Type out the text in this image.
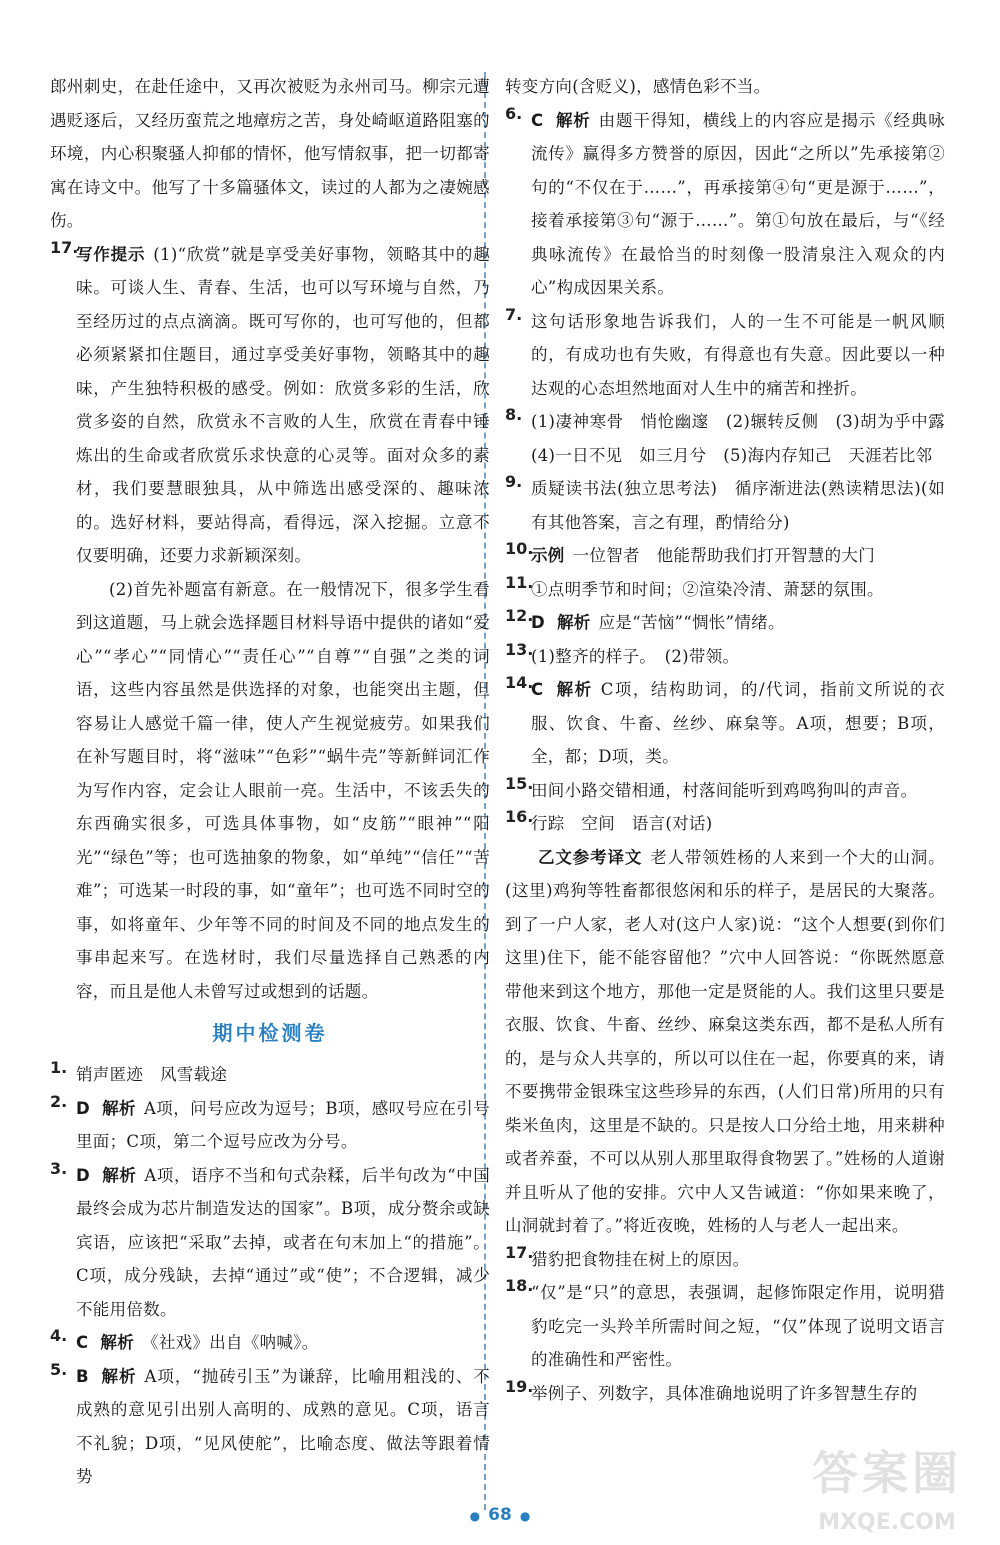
郎州刺史，在赴任途中，又再次被贬为永州司马。柳宗元遭遇贬逐后，又经历蛮荒之地瘴疠之苦，身处崎岖道路阻塞的环境，内心积聚骚人抑郁的情怀，他写情叙事，把一切都寄寓在诗文中。他写了十多篇骚体文，读过的人都为之凄婉感伤。

17.

写作提示 (1)“欣赏”就是享受美好事物，领略其中的趣味。可谈人生、青春、生活，也可以写环境与自然，乃至经历过的点点滴滴。既可写你的，也可写他的，但都必须紧紧扣住题目，通过享受美好事物，领略其中的趣味，产生独特积极的感受。例如：欣赏多彩的生活，欣赏多姿的自然，欣赏永不言败的人生，欣赏在青春中锤炼出的生命或者欣赏乐求快意的心灵等。面对众多的素材，我们要慧眼独具，从中筛选出感受深的、趣味浓的。选好材料，要站得高，看得远，深入挖掘。立意不仅要明确，还要力求新颖深刻。

(2)首先补题富有新意。在一般情况下，很多学生看到这道题，马上就会选择题目材料导语中提供的诸如“爱心”“孝心”“同情心”“责任心”“自尊”“自强”之类的词语，这些内容虽然是供选择的对象，也能突出主题，但容易让人感觉千篇一律，使人产生视觉疲劳。如果我们在补写题目时，将“滋味”“色彩”“蜗牛壳”等新鲜词汇作为写作内容，定会让人眼前一亮。生活中，不该丢失的东西确实很多，可选具体事物，如“皮筋”“眼神”“阳光”“绿色”等；也可选抽象的物象，如“单纯”“信任”“苦难”；可选某一时段的事，如“童年”；也可选不同时空的事，如将童年、少年等不同的时间及不同的地点发生的事串起来写。在选材时，我们尽量选择自己熟悉的内容，而且是他人未曾写过或想到的话题。

期中检测卷

1. 销声匿迹　风雪载途

2. D 解析 A项，问号应改为逗号；B项，感叹号应在引号里面；C项，第二个逗号应改为分号。

3. D 解析 A项，语序不当和句式杂糅，后半句改为“中国最终会成为芯片制造发达的国家”。B项，成分赘余或缺宾语，应该把“采取”去掉，或者在句末加上“的措施”。C项，成分残缺，去掉“通过”或“使”；不合逻辑，减少不能用倍数。

4. C 解析 《社戏》出自《呐喊》。

5. B 解析 A项，“抛砖引玉”为谦辞，比喻用粗浅的、不成熟的意见引出别人高明的、成熟的意见。C项，语言不礼貌；D项，“见风使舵”，比喻态度、做法等跟着情势

转变方向(含贬义)，感情色彩不当。

6. C 解析 由题干得知，横线上的内容应是揭示《经典咏流传》赢得多方赞誉的原因，因此“之所以”先承接第②句的“不仅在于……”，再承接第④句“更是源于……”，接着承接第③句“源于……”。第①句放在最后，与“《经典咏流传》在最恰当的时刻像一股清泉注入观众的内心”构成因果关系。

7. 这句话形象地告诉我们，人的一生不可能是一帆风顺的，有成功也有失败，有得意也有失意。因此要以一种达观的心态坦然地面对人生中的痛苦和挫折。

8. (1)凄神寒骨　悄怆幽邃　(2)辗转反侧　(3)胡为乎中露　(4)一日不见　如三月兮　(5)海内存知己　天涯若比邻

9. 质疑读书法(独立思考法)　循序渐进法(熟读精思法)(如有其他答案，言之有理，酌情给分)

10.

示例 一位智者　他能帮助我们打开智慧的大门

11.

①点明季节和时间；②渲染冷清、萧瑟的氛围。

12.

D 解析 应是“苦恼”“惆怅”情绪。

13.

(1)整齐的样子。　(2)带领。

14.

C 解析 C项，结构助词，的/代词，指前文所说的衣服、饮食、牛畜、丝纱、麻枲等。A项，想要；B项，全，都；D项，类。

15.

田间小路交错相通，村落间能听到鸡鸣狗叫的声音。

16.

行踪　空间　语言(对话)

乙文参考译文 老人带领姓杨的人来到一个大的山洞。(这里)鸡狗等牲畜都很悠闲和乐的样子，是居民的大聚落。到了一户人家，老人对(这户人家)说：“这个人想要(到你们这里)住下，能不能容留他？”穴中人回答说：“你既然愿意带他来到这个地方，那他一定是贤能的人。我们这里只要是衣服、饮食、牛畜、丝纱、麻枲这类东西，都不是私人所有的，是与众人共享的，所以可以住在一起，你要真的来，请不要携带金银珠宝这些珍异的东西，(人们日常)所用的只有柴米鱼肉，这里是不缺的。只是按人口分给土地，用来耕种或者养蚕，不可以从别人那里取得食物罢了。”姓杨的人道谢并且听从了他的安排。穴中人又告诫道：“你如果来晚了，山洞就封着了。”将近夜晚，姓杨的人与老人一起出来。

17.

猎豹把食物挂在树上的原因。

18.

“仅”是“只”的意思，表强调，起修饰限定作用，说明猎豹吃完一头羚羊所需时间之短，“仅”体现了说明文语言的准确性和严密性。

19.

举例子、列数字，具体准确地说明了许多智慧生存的

● 68 ●
答案圈
MXQE.COM
